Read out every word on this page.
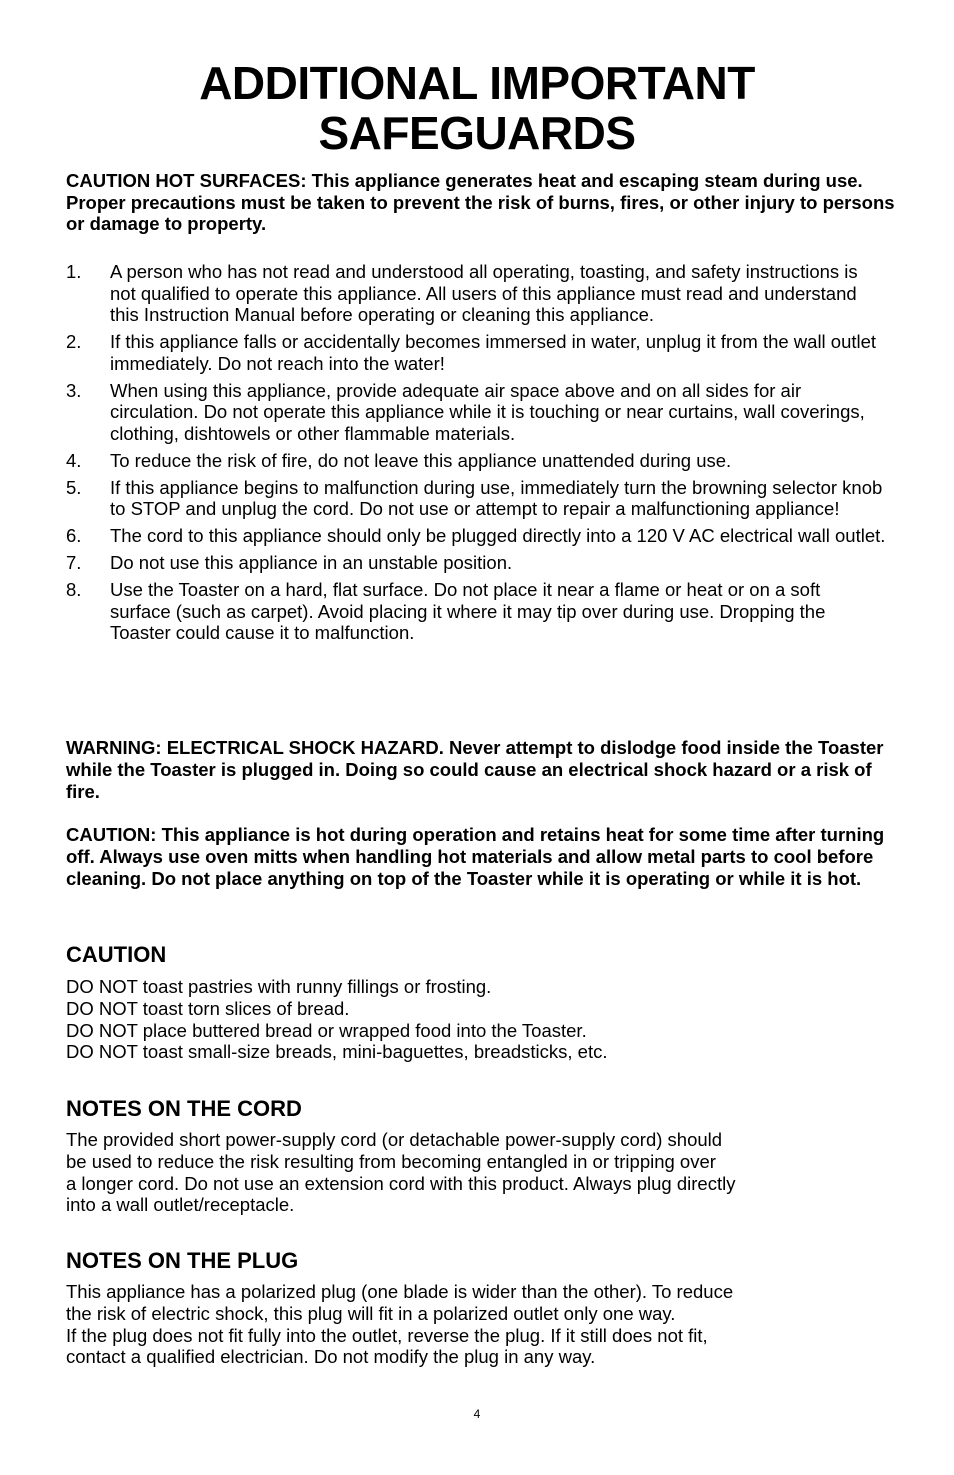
ADDITIONAL IMPORTANT
SAFEGUARDS

CAUTION HOT SURFACES: This appliance generates heat and escaping steam during use. Proper precautions must be taken to prevent the risk of burns, fires, or other injury to persons or damage to property.

1. A person who has not read and understood all operating, toasting, and safety instructions is not qualified to operate this appliance. All users of this appliance must read and understand this Instruction Manual before operating or cleaning this appliance.
2. If this appliance falls or accidentally becomes immersed in water, unplug it from the wall outlet immediately. Do not reach into the water!
3. When using this appliance, provide adequate air space above and on all sides for air circulation. Do not operate this appliance while it is touching or near curtains, wall coverings, clothing, dishtowels or other flammable materials.
4. To reduce the risk of fire, do not leave this appliance unattended during use.
5. If this appliance begins to malfunction during use, immediately turn the browning selector knob to STOP and unplug the cord. Do not use or attempt to repair a malfunctioning appliance!
6. The cord to this appliance should only be plugged directly into a 120 V AC electrical wall outlet.
7. Do not use this appliance in an unstable position.
8. Use the Toaster on a hard, flat surface. Do not place it near a flame or heat or on a soft surface (such as carpet). Avoid placing it where it may tip over during use. Dropping the Toaster could cause it to malfunction.

WARNING: ELECTRICAL SHOCK HAZARD. Never attempt to dislodge food inside the Toaster while the Toaster is plugged in. Doing so could cause an electrical shock hazard or a risk of fire.

CAUTION: This appliance is hot during operation and retains heat for some time after turning off. Always use oven mitts when handling hot materials and allow metal parts to cool before cleaning. Do not place anything on top of the Toaster while it is operating or while it is hot.

CAUTION
DO NOT toast pastries with runny fillings or frosting.
DO NOT toast torn slices of bread.
DO NOT place buttered bread or wrapped food into the Toaster.
DO NOT toast small-size breads, mini-baguettes, breadsticks, etc.
NOTES ON THE CORD
The provided short power-supply cord (or detachable power-supply cord) should
be used to reduce the risk resulting from becoming entangled in or tripping over
a longer cord. Do not use an extension cord with this product. Always plug directly
into a wall outlet/receptacle.
NOTES ON THE PLUG
This appliance has a polarized plug (one blade is wider than the other). To reduce
the risk of electric shock, this plug will fit in a polarized outlet only one way.
If the plug does not fit fully into the outlet, reverse the plug. If it still does not fit,
contact a qualified electrician. Do not modify the plug in any way.
4
